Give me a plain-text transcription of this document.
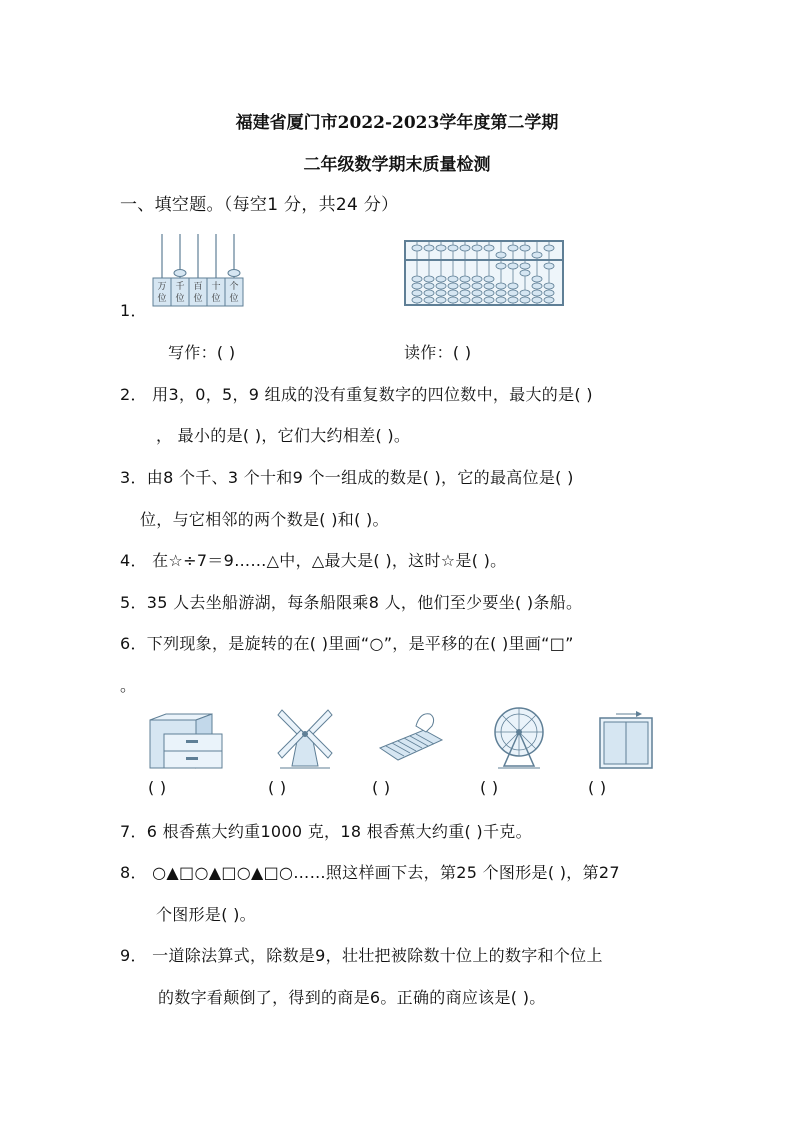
福建省厦门市2022-2023学年度第二学期
二年级数学期末质量检测
一、填空题。（每空1 分，共24 分）
1．
万
位
千
位
百
位
十
位
个
位
写作：( )	读作：( )
2． 用3，0，5，9 组成的没有重复数字的四位数中，最大的是( )
， 最小的是( )，它们大约相差( )。
3．由8 个千、3 个十和9 个一组成的数是( )，它的最高位是( )
位，与它相邻的两个数是( )和( )。
4． 在☆÷7＝9……△中，△最大是( )，这时☆是( )。
5．35 人去坐船游湖，每条船限乘8 人，他们至少要坐( )条船。
6．下列现象，是旋转的在( )里画“○”，是平移的在( )里画“□”
。
( )	( )	( )	( )	( )
7．6 根香蕉大约重1000 克，18 根香蕉大约重( )千克。
8． ○▲□○▲□○▲□○……照这样画下去，第25 个图形是( )，第27
个图形是( )。
9． 一道除法算式，除数是9，壮壮把被除数十位上的数字和个位上
的数字看颠倒了，得到的商是6。正确的商应该是( )。
